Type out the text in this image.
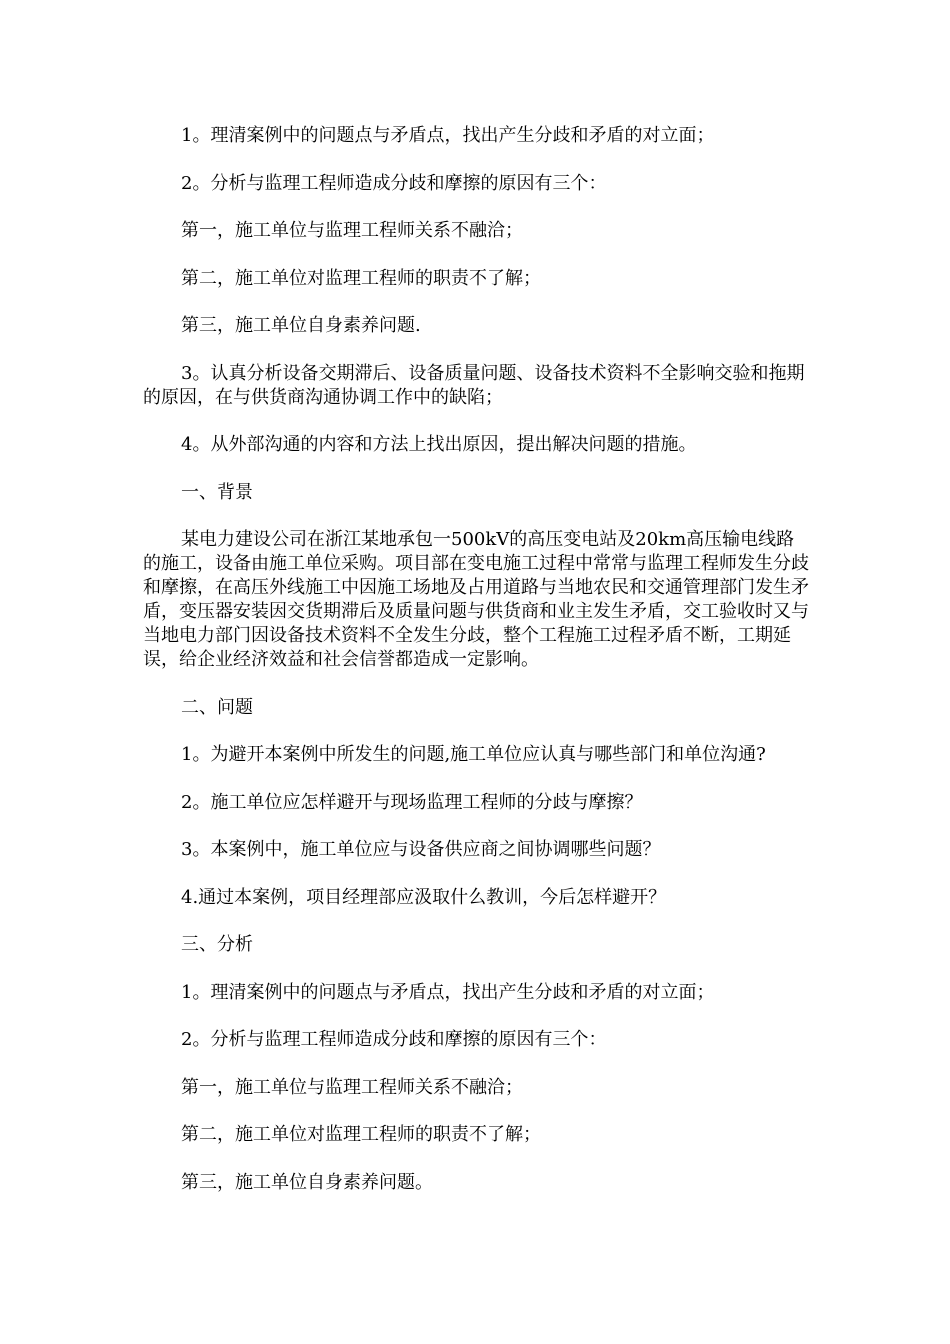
1。理清案例中的问题点与矛盾点，找出产生分歧和矛盾的对立面；

2。分析与监理工程师造成分歧和摩擦的原因有三个：

第一，施工单位与监理工程师关系不融洽；

第二，施工单位对监理工程师的职责不了解；

第三，施工单位自身素养问题.

3。认真分析设备交期滞后、设备质量问题、设备技术资料不全影响交验和拖期的原因，在与供货商沟通协调工作中的缺陷；

4。从外部沟通的内容和方法上找出原因，提出解决问题的措施。

一、背景

某电力建设公司在浙江某地承包一500kV的高压变电站及20km高压输电线路的施工，设备由施工单位采购。项目部在变电施工过程中常常与监理工程师发生分歧和摩擦，在高压外线施工中因施工场地及占用道路与当地农民和交通管理部门发生矛盾，变压器安装因交货期滞后及质量问题与供货商和业主发生矛盾，交工验收时又与当地电力部门因设备技术资料不全发生分歧，整个工程施工过程矛盾不断，工期延误，给企业经济效益和社会信誉都造成一定影响。

二、问题

1。为避开本案例中所发生的问题,施工单位应认真与哪些部门和单位沟通?

2。施工单位应怎样避开与现场监理工程师的分歧与摩擦？

3。本案例中，施工单位应与设备供应商之间协调哪些问题？

4.通过本案例，项目经理部应汲取什么教训，今后怎样避开？

三、分析

1。理清案例中的问题点与矛盾点，找出产生分歧和矛盾的对立面；

2。分析与监理工程师造成分歧和摩擦的原因有三个：

第一，施工单位与监理工程师关系不融洽；

第二，施工单位对监理工程师的职责不了解；

第三，施工单位自身素养问题。
